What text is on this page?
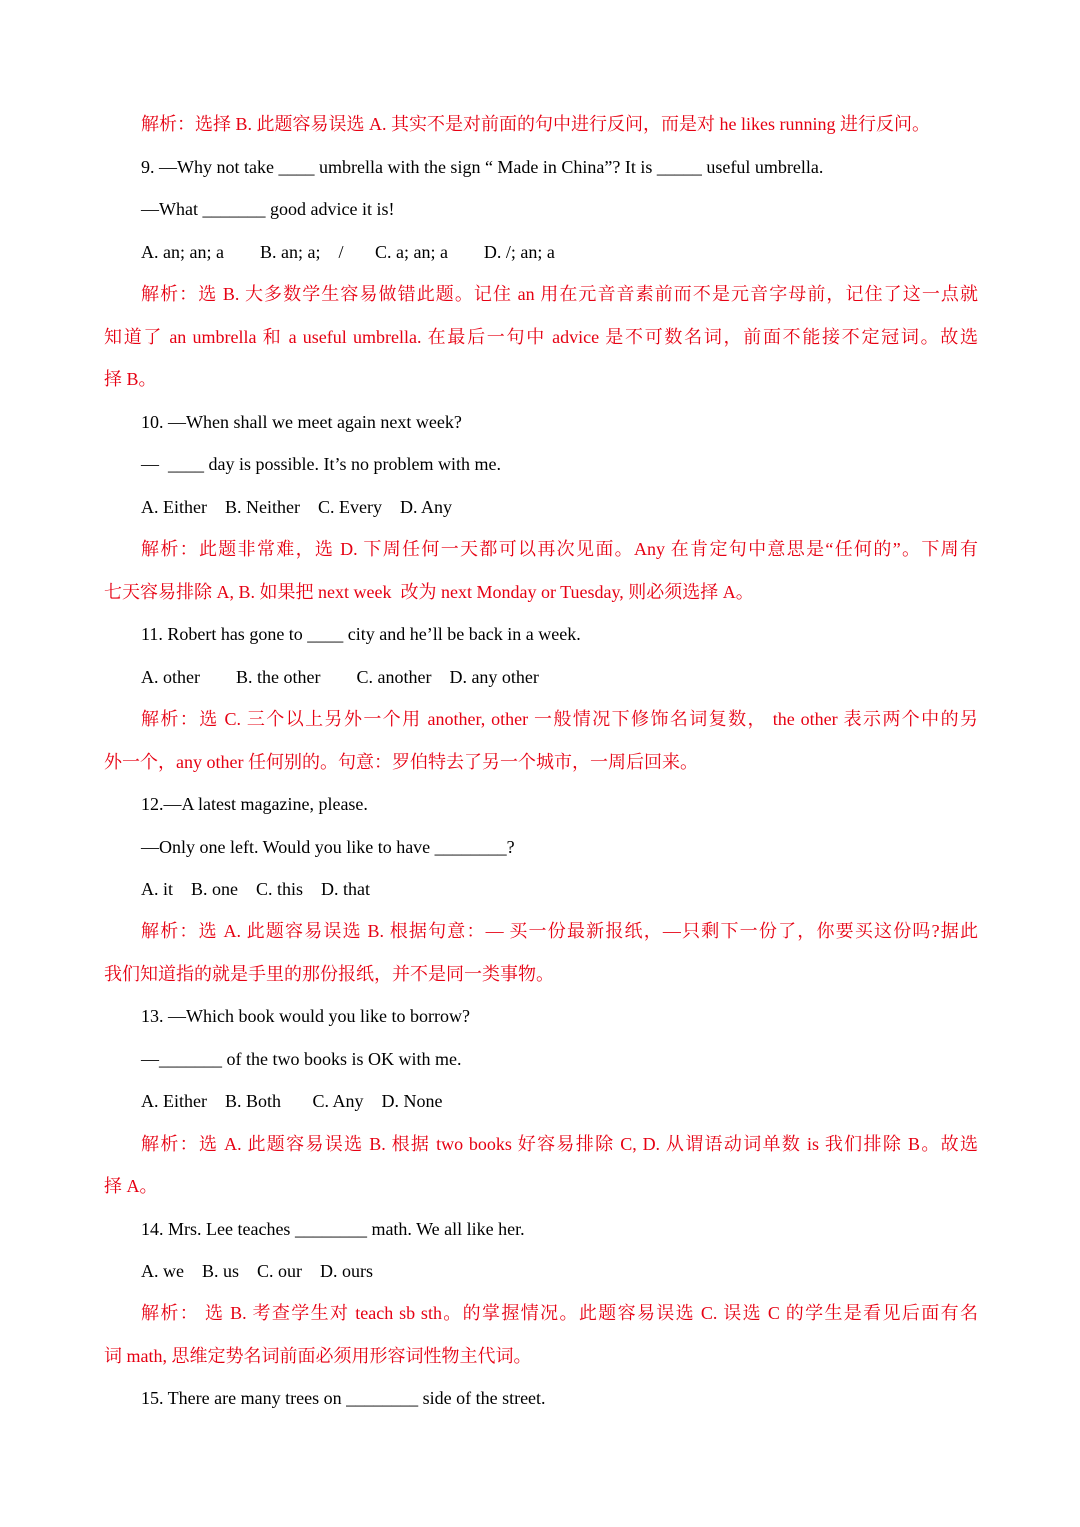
解析：选择 B. 此题容易误选 A. 其实不是对前面的句中进行反问，而是对 he likes running 进行反问。
9. —Why not take ____ umbrella with the sign “ Made in China”? It is _____ useful umbrella.
—What _______ good advice it is!
A. an; an; a        B. an; a;    /       C. a; an; a        D. /; an; a
解析：选 B. 大多数学生容易做错此题。记住 an 用在元音音素前而不是元音字母前，记住了这一点就
知道了 an umbrella 和 a useful umbrella. 在最后一句中 advice 是不可数名词，前面不能接不定冠词。故选
择 B。
10. —When shall we meet again next week?
—  ____ day is possible. It’s no problem with me.
A. Either    B. Neither    C. Every    D. Any
解析：此题非常难，选 D. 下周任何一天都可以再次见面。Any 在肯定句中意思是“任何的”。下周有
七天容易排除 A, B. 如果把 next week  改为 next Monday or Tuesday, 则必须选择 A。
11. Robert has gone to ____ city and he’ll be back in a week.
A. other        B. the other        C. another    D. any other
解析：选 C. 三个以上另外一个用 another, other 一般情况下修饰名词复数， the other 表示两个中的另
外一个，any other 任何别的。句意：罗伯特去了另一个城市，一周后回来。
12.—A latest magazine, please.
—Only one left. Would you like to have ________?
A. it    B. one    C. this    D. that
解析：选 A. 此题容易误选 B. 根据句意：— 买一份最新报纸，—只剩下一份了，你要买这份吗?据此
我们知道指的就是手里的那份报纸，并不是同一类事物。
13. —Which book would you like to borrow?
—_______ of the two books is OK with me.
A. Either    B. Both       C. Any    D. None
解析：选 A. 此题容易误选 B. 根据 two books 好容易排除 C, D. 从谓语动词单数 is 我们排除 B。故选
择 A。
14. Mrs. Lee teaches ________ math. We all like her.
A. we    B. us    C. our    D. ours
解析： 选 B. 考查学生对 teach sb sth。的掌握情况。此题容易误选 C. 误选 C 的学生是看见后面有名
词 math, 思维定势名词前面必须用形容词性物主代词。
15. There are many trees on ________ side of the street.
